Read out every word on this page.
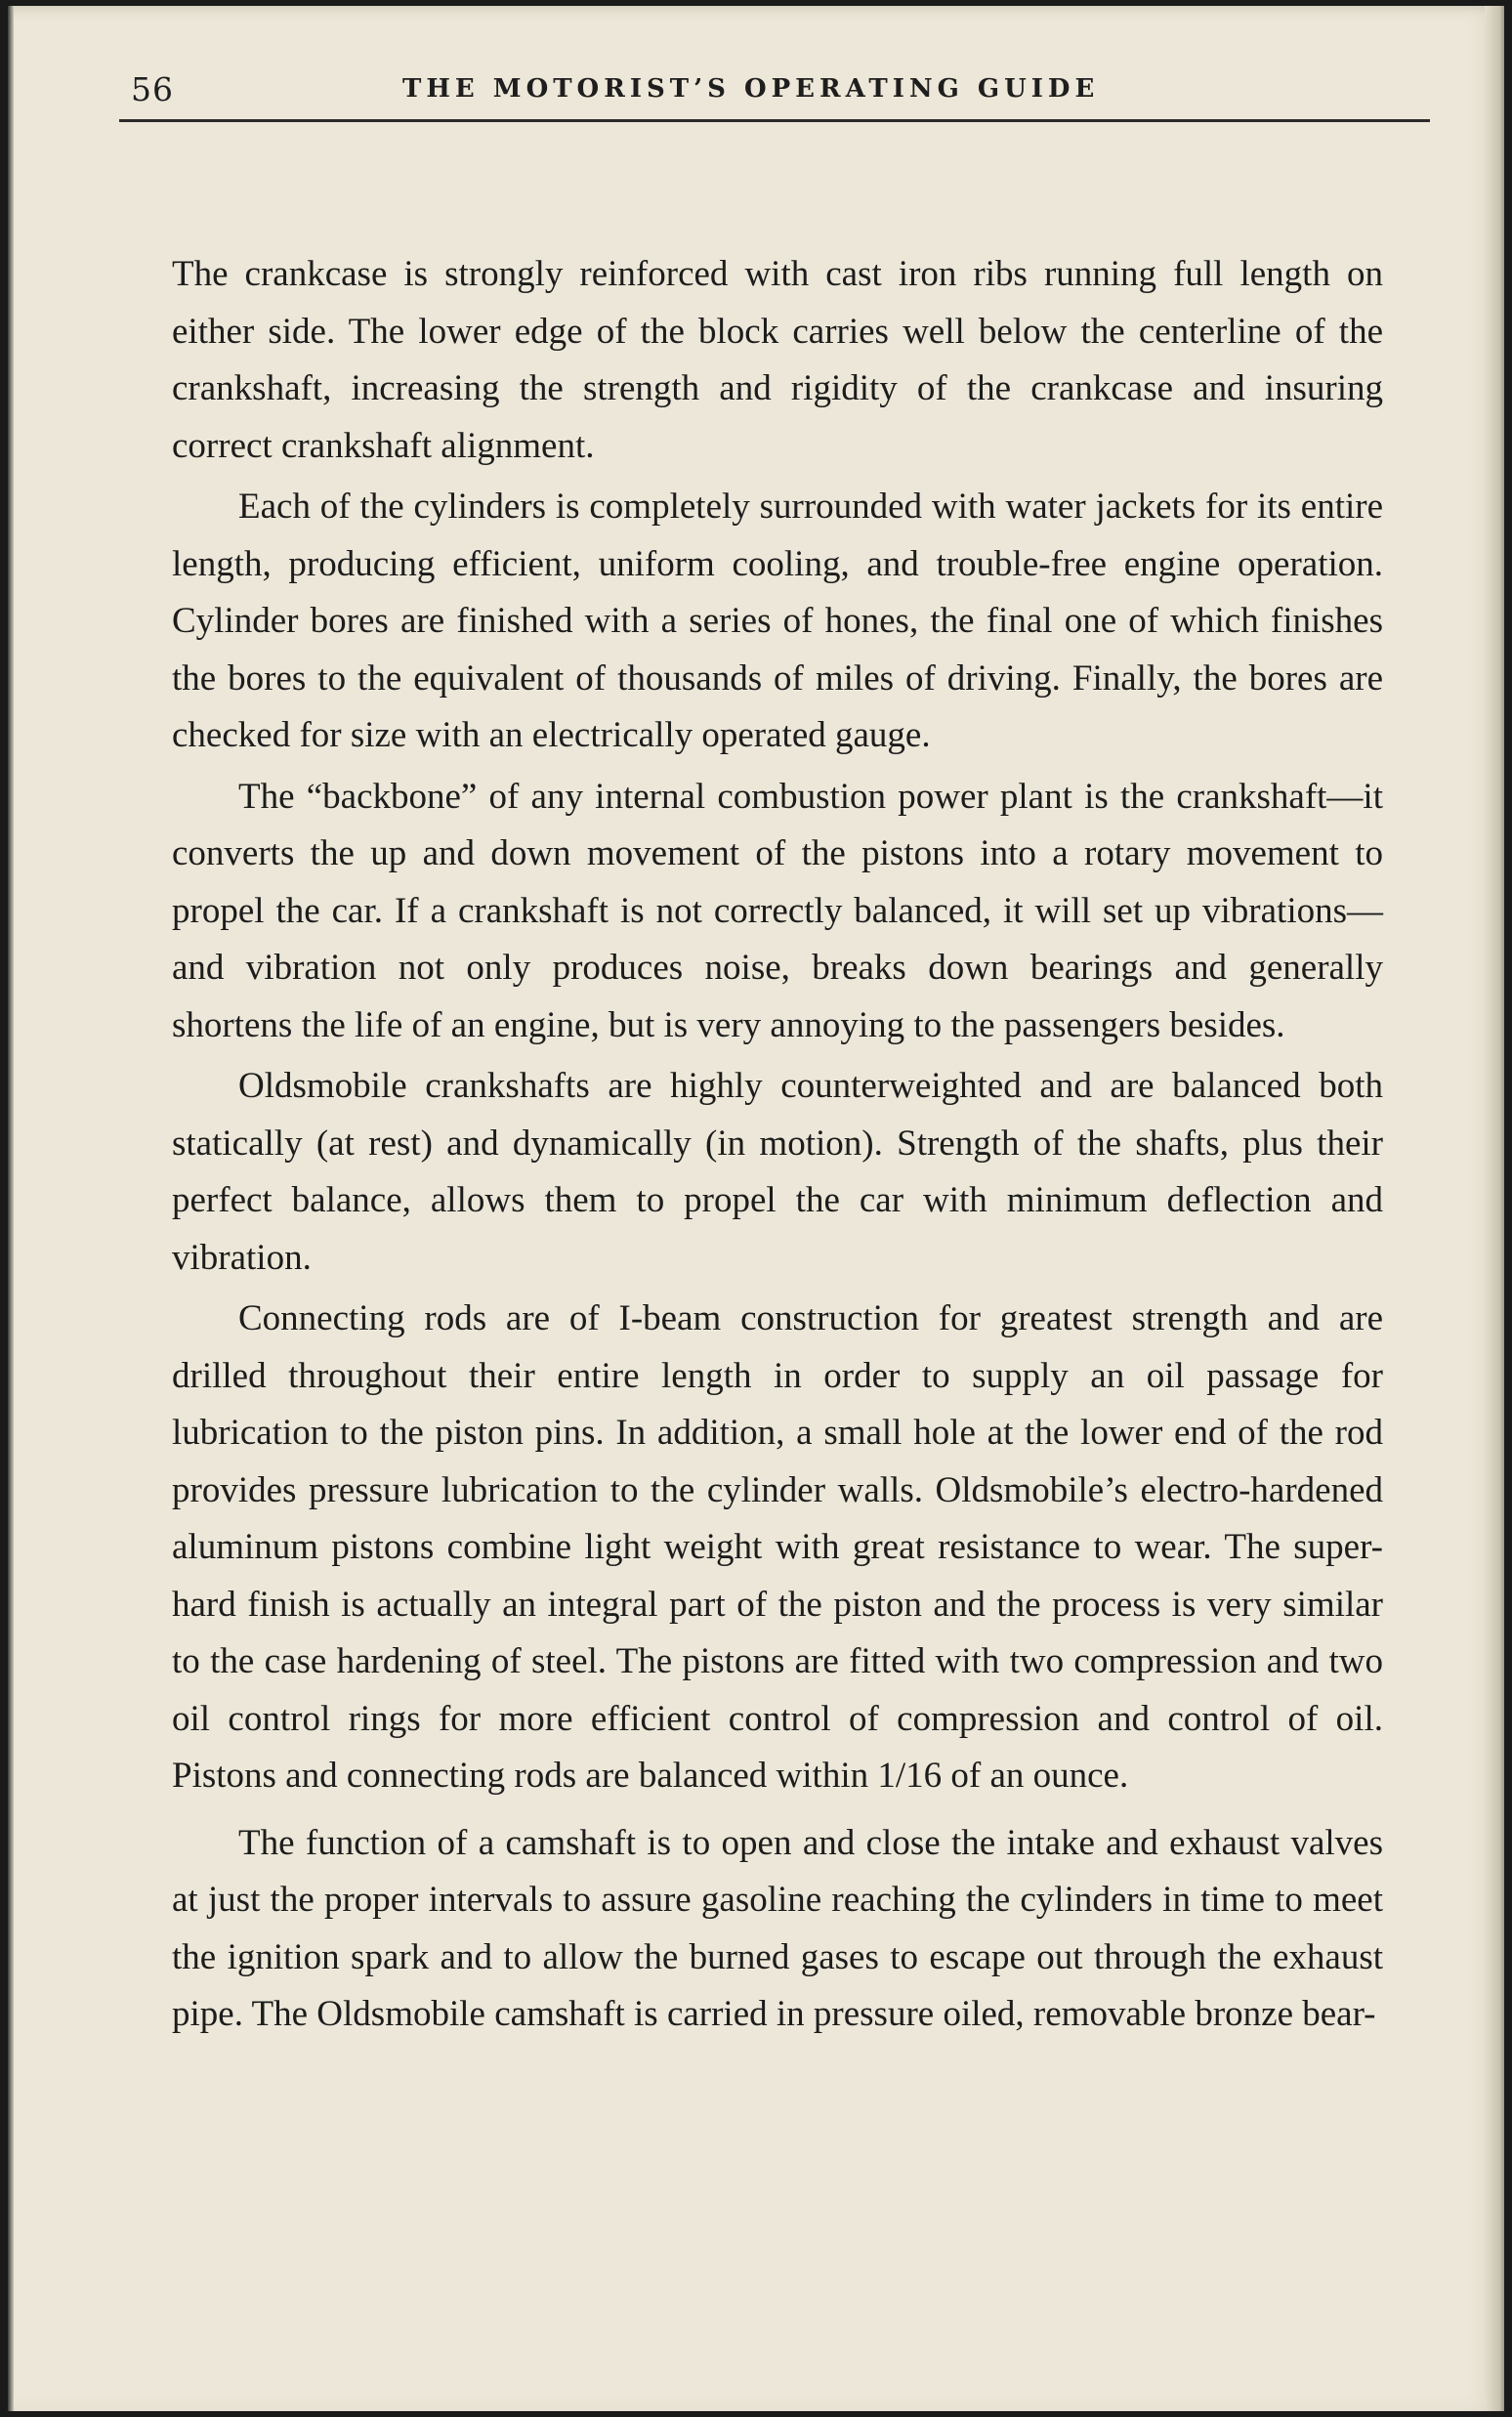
56	THE MOTORIST’S OPERATING GUIDE

The crankcase is strongly reinforced with cast iron ribs running full length on either side. The lower edge of the block carries well below the centerline of the crankshaft, increasing the strength and rigidity of the crankcase and insuring correct crankshaft alignment.

Each of the cylinders is completely surrounded with water jackets for its entire length, producing efficient, uniform cooling, and trouble-free engine operation. Cylinder bores are finished with a series of hones, the final one of which finishes the bores to the equivalent of thousands of miles of driving. Finally, the bores are checked for size with an electrically operated gauge.

The “backbone” of any internal combustion power plant is the crankshaft—it converts the up and down movement of the pistons into a rotary movement to propel the car. If a crankshaft is not correctly balanced, it will set up vibrations—and vibration not only produces noise, breaks down bearings and generally shortens the life of an engine, but is very annoying to the passengers besides.

Oldsmobile crankshafts are highly counterweighted and are balanced both statically (at rest) and dynamically (in motion). Strength of the shafts, plus their perfect balance, allows them to propel the car with minimum deflection and vibration.

Connecting rods are of I-beam construction for greatest strength and are drilled throughout their entire length in order to supply an oil passage for lubrication to the piston pins. In addition, a small hole at the lower end of the rod provides pressure lubrication to the cylinder walls. Oldsmobile’s electro-hardened aluminum pistons combine light weight with great resistance to wear. The super-hard finish is actually an integral part of the piston and the process is very similar to the case hardening of steel. The pistons are fitted with two compression and two oil control rings for more efficient control of compression and control of oil. Pistons and connecting rods are balanced within 1/16 of an ounce.

The function of a camshaft is to open and close the intake and exhaust valves at just the proper intervals to assure gasoline reaching the cylinders in time to meet the ignition spark and to allow the burned gases to escape out through the exhaust pipe. The Oldsmobile camshaft is carried in pressure oiled, removable bronze bear-
